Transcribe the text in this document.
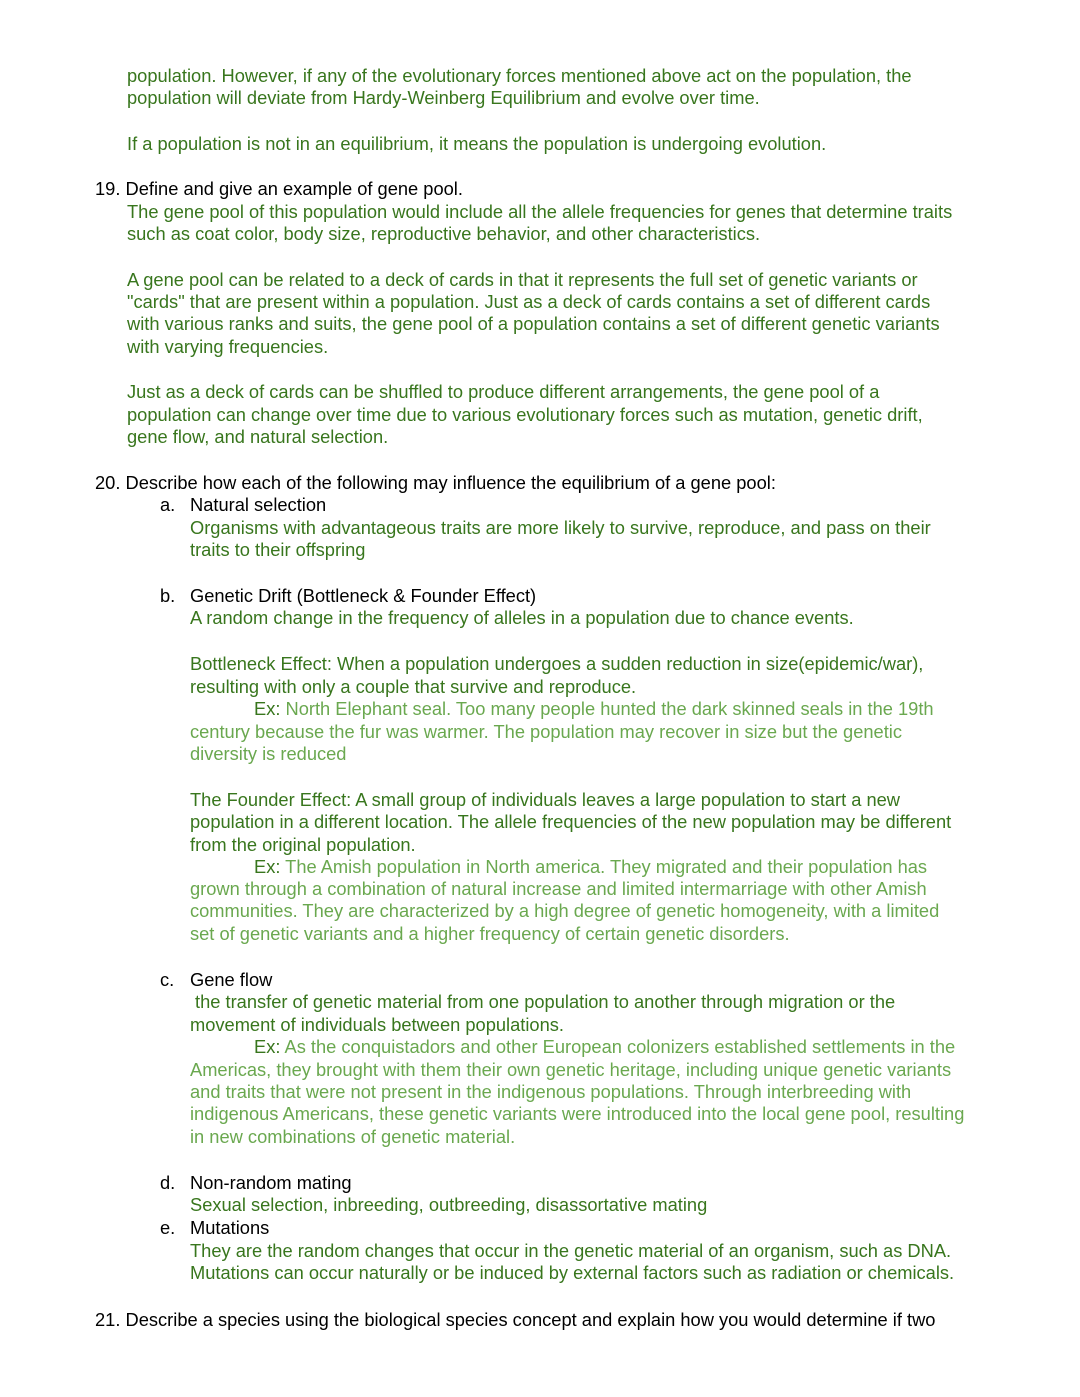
population. However, if any of the evolutionary forces mentioned above act on the population, the
population will deviate from Hardy-Weinberg Equilibrium and evolve over time.
If a population is not in an equilibrium, it means the population is undergoing evolution.
19. Define and give an example of gene pool.
The gene pool of this population would include all the allele frequencies for genes that determine traits
such as coat color, body size, reproductive behavior, and other characteristics.
A gene pool can be related to a deck of cards in that it represents the full set of genetic variants or
"cards" that are present within a population. Just as a deck of cards contains a set of different cards
with various ranks and suits, the gene pool of a population contains a set of different genetic variants
with varying frequencies.
Just as a deck of cards can be shuffled to produce different arrangements, the gene pool of a
population can change over time due to various evolutionary forces such as mutation, genetic drift,
gene flow, and natural selection.
20. Describe how each of the following may influence the equilibrium of a gene pool:
a. Natural selection
Organisms with advantageous traits are more likely to survive, reproduce, and pass on their
traits to their offspring
b. Genetic Drift (Bottleneck & Founder Effect)
A random change in the frequency of alleles in a population due to chance events.
Bottleneck Effect: When a population undergoes a sudden reduction in size(epidemic/war),
resulting with only a couple that survive and reproduce.
Ex: North Elephant seal. Too many people hunted the dark skinned seals in the 19th
century because the fur was warmer. The population may recover in size but the genetic
diversity is reduced
The Founder Effect: A small group of individuals leaves a large population to start a new
population in a different location. The allele frequencies of the new population may be different
from the original population.
Ex: The Amish population in North america. They migrated and their population has
grown through a combination of natural increase and limited intermarriage with other Amish
communities. They are characterized by a high degree of genetic homogeneity, with a limited
set of genetic variants and a higher frequency of certain genetic disorders.
c. Gene flow
the transfer of genetic material from one population to another through migration or the
movement of individuals between populations.
Ex: As the conquistadors and other European colonizers established settlements in the
Americas, they brought with them their own genetic heritage, including unique genetic variants
and traits that were not present in the indigenous populations. Through interbreeding with
indigenous Americans, these genetic variants were introduced into the local gene pool, resulting
in new combinations of genetic material.
d. Non-random mating
Sexual selection, inbreeding, outbreeding, disassortative mating
e. Mutations
They are the random changes that occur in the genetic material of an organism, such as DNA.
Mutations can occur naturally or be induced by external factors such as radiation or chemicals.
21. Describe a species using the biological species concept and explain how you would determine if two
